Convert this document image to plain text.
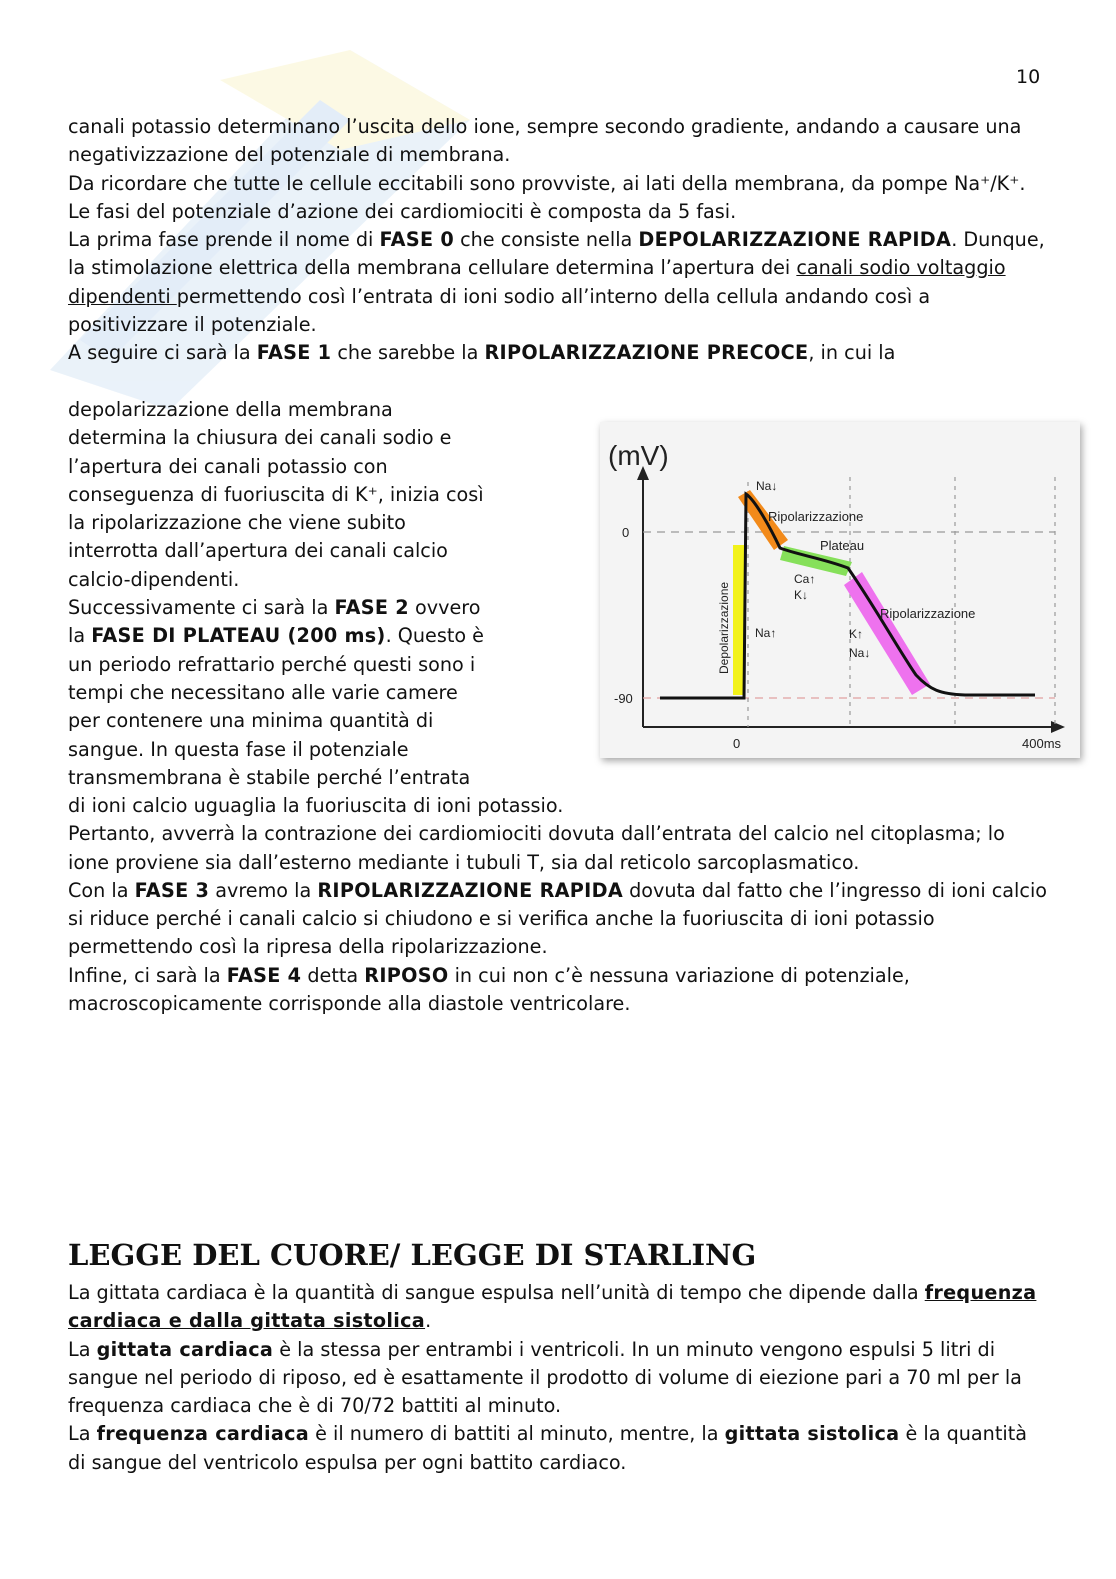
10

canali potassio determinano l’uscita dello ione, sempre secondo gradiente, andando a causare una negativizzazione del potenziale di membrana.

Da ricordare che tutte le cellule eccitabili sono provviste, ai lati della membrana, da pompe Na⁺/K⁺.

Le fasi del potenziale d’azione dei cardiomiociti è composta da 5 fasi.

La prima fase prende il nome di FASE 0 che consiste nella DEPOLARIZZAZIONE RAPIDA. Dunque, la stimolazione elettrica della membrana cellulare determina l’apertura dei canali sodio voltaggio dipendenti permettendo così l’entrata di ioni sodio all’interno della cellula andando così a positivizzare il potenziale.

A seguire ci sarà la FASE 1 che sarebbe la RIPOLARIZZAZIONE PRECOCE, in cui la

depolarizzazione della membrana
determina la chiusura dei canali sodio e
l’apertura dei canali potassio con
conseguenza di fuoriuscita di K⁺, inizia così
la ripolarizzazione che viene subito
interrotta dall’apertura dei canali calcio
calcio-dipendenti.
Successivamente ci sarà la FASE 2 ovvero
la FASE DI PLATEAU (200 ms). Questo è
un periodo refrattario perché questi sono i
tempi che necessitano alle varie camere
per contenere una minima quantità di
sangue. In questa fase il potenziale
transmembrana è stabile perché l’entrata
di ioni calcio uguaglia la fuoriuscita di ioni potassio.

Pertanto, avverrà la contrazione dei cardiomiociti dovuta dall’entrata del calcio nel citoplasma; lo ione proviene sia dall’esterno mediante i tubuli T, sia dal reticolo sarcoplasmatico.

Con la FASE 3 avremo la RIPOLARIZZAZIONE RAPIDA dovuta dal fatto che l’ingresso di ioni calcio si riduce perché i canali calcio si chiudono e si verifica anche la fuoriuscita di ioni potassio permettendo così la ripresa della ripolarizzazione.

Infine, ci sarà la FASE 4 detta RIPOSO in cui non c’è nessuna variazione di potenziale, macroscopicamente corrisponde alla diastole ventricolare.

(mV)
0
-90
0	400ms
Depolarizzazione
Na↓
Ripolarizzazione
Plateau
Ca↑
K↓
Ripolarizzazione
Na↑	K↑
Na↓
LEGGE DEL CUORE/ LEGGE DI STARLING

La gittata cardiaca è la quantità di sangue espulsa nell’unità di tempo che dipende dalla frequenza cardiaca e dalla gittata sistolica.

La gittata cardiaca è la stessa per entrambi i ventricoli. In un minuto vengono espulsi 5 litri di sangue nel periodo di riposo, ed è esattamente il prodotto di volume di eiezione pari a 70 ml per la frequenza cardiaca che è di 70/72 battiti al minuto.

La frequenza cardiaca è il numero di battiti al minuto, mentre, la gittata sistolica è la quantità di sangue del ventricolo espulsa per ogni battito cardiaco.
